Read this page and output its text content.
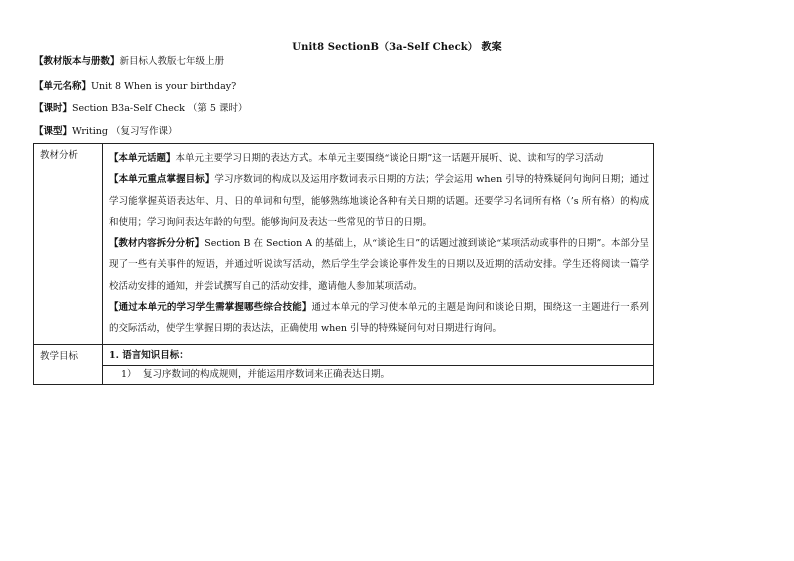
Unit8 SectionB（3a-Self Check） 教案
【教材版本与册数】新目标人教版七年级上册
【单元名称】Unit 8 When is your birthday?
【课时】Section B3a-Self Check （第 5 课时）
【课型】Writing （复习写作课）
教材分析	【本单元话题】本单元主要学习日期的表达方式。本单元主要围绕“谈论日期”这一话题开展听、说、读和写的学习活动

【本单元重点掌握目标】学习序数词的构成以及运用序数词表示日期的方法；学会运用 when 引导的特殊疑问句询问日期；通过学习能掌握英语表达年、月、日的单词和句型，能够熟练地谈论各种有关日期的话题。还要学习名词所有格（’s 所有格）的构成和使用；学习询问表达年龄的句型。能够询问及表达一些常见的节日的日期。

【教材内容拆分分析】Section B 在 Section A 的基础上，从“谈论生日”的话题过渡到谈论“某项活动或事件的日期”。本部分呈现了一些有关事件的短语，并通过听说读写活动，然后学生学会谈论事件发生的日期以及近期的活动安排。学生还将阅读一篇学校活动安排的通知，并尝试撰写自己的活动安排，邀请他人参加某项活动。

【通过本单元的学习学生需掌握哪些综合技能】通过本单元的学习使本单元的主题是询问和谈论日期，围绕这一主题进行一系列的交际活动，使学生掌握日期的表达法，正确使用 when 引导的特殊疑问句对日期进行询问。

教学目标	1. 语言知识目标：
1） 复习序数词的构成规则，并能运用序数词来正确表达日期。
